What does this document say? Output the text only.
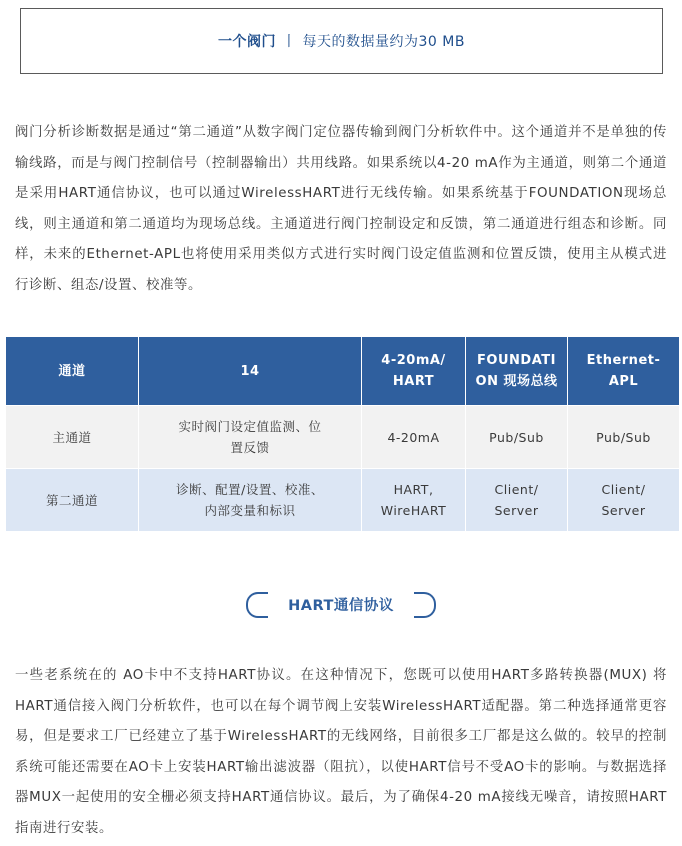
一个阀门 丨 每天的数据量约为30 MB

阀门分析诊断数据是通过“第二通道”从数字阀门定位器传输到阀门分析软件中。这个通道并不是单独的传输线路，而是与阀门控制信号（控制器输出）共用线路。如果系统以4-20 mA作为主通道，则第二个通道是采用HART通信协议，也可以通过WirelessHART进行无线传输。如果系统基于FOUNDATION现场总线，则主通道和第二通道均为现场总线。主通道进行阀门控制设定和反馈，第二通道进行组态和诊断。同样，未来的Ethernet-APL也将使用采用类似方式进行实时阀门设定值监测和位置反馈，使用主从模式进行诊断、组态/设置、校准等。

通道	14	4-20mA/ HART	FOUNDATI ON 现场总线	Ethernet- APL
主通道	实时阀门设定值监测、位置反馈	4-20mA	Pub/Sub	Pub/Sub
第二通道	诊断、配置/设置、校准、内部变量和标识	HART, WireHART	Client/ Server	Client/ Server
HART通信协议

一些老系统在的 AO卡中不支持HART协议。在这种情况下，您既可以使用HART多路转换器(MUX) 将HART通信接入阀门分析软件，也可以在每个调节阀上安装WirelessHART适配器。第二种选择通常更容易，但是要求工厂已经建立了基于WirelessHART的无线网络，目前很多工厂都是这么做的。较早的控制系统可能还需要在AO卡上安装HART输出滤波器（阻抗），以使HART信号不受AO卡的影响。与数据选择器MUX一起使用的安全栅必须支持HART通信协议。最后，为了确保4-20 mA接线无噪音，请按照HART指南进行安装。
